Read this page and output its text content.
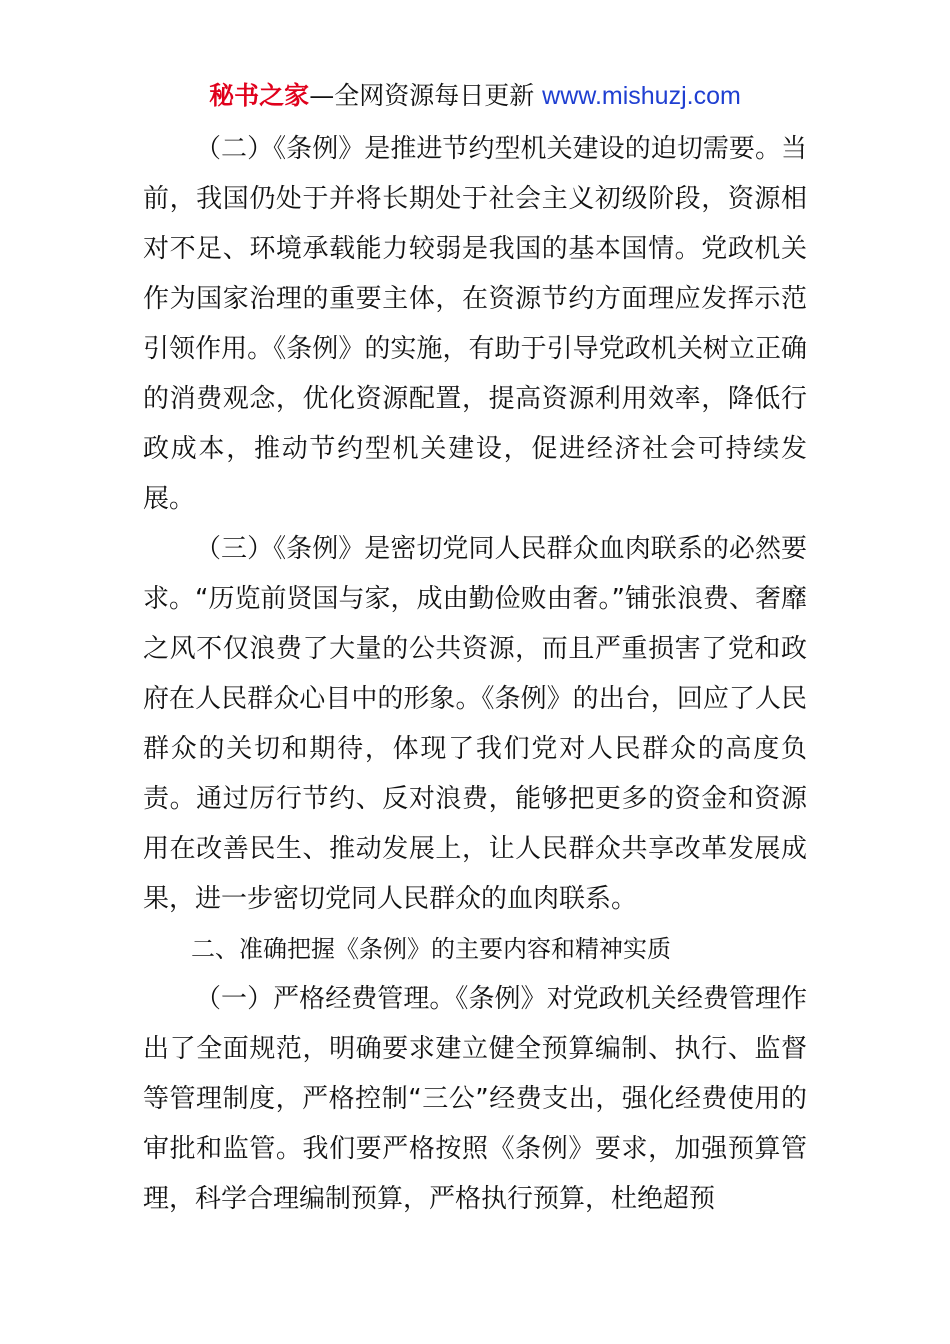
秘书之家—全网资源每日更新 www.mishuzj.com

（二）《条例》是推进节约型机关建设的迫切需要。当前，我国仍处于并将长期处于社会主义初级阶段，资源相对不足、环境承载能力较弱是我国的基本国情。党政机关作为国家治理的重要主体，在资源节约方面理应发挥示范引领作用。《条例》的实施，有助于引导党政机关树立正确的消费观念，优化资源配置，提高资源利用效率，降低行政成本，推动节约型机关建设，促进经济社会可持续发展。

（三）《条例》是密切党同人民群众血肉联系的必然要求。“历览前贤国与家，成由勤俭败由奢。”铺张浪费、奢靡之风不仅浪费了大量的公共资源，而且严重损害了党和政府在人民群众心目中的形象。《条例》的出台，回应了人民群众的关切和期待，体现了我们党对人民群众的高度负责。通过厉行节约、反对浪费，能够把更多的资金和资源用在改善民生、推动发展上，让人民群众共享改革发展成果，进一步密切党同人民群众的血肉联系。

二、准确把握《条例》的主要内容和精神实质

（一）严格经费管理。《条例》对党政机关经费管理作出了全面规范，明确要求建立健全预算编制、执行、监督等管理制度，严格控制“三公”经费支出，强化经费使用的审批和监管。我们要严格按照《条例》要求，加强预算管理，科学合理编制预算，严格执行预算，杜绝超预
